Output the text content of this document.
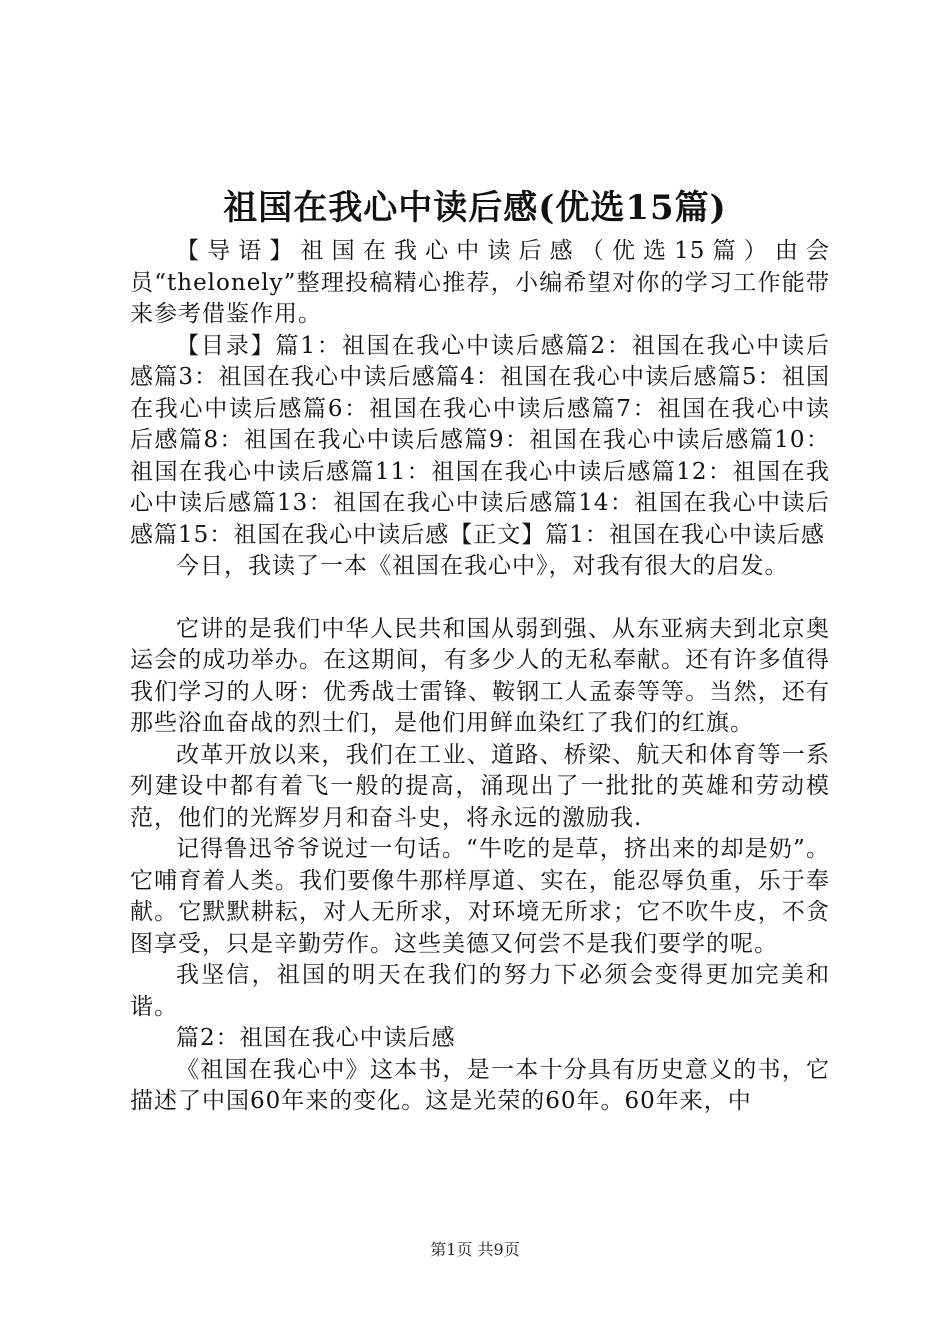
祖国在我心中读后感(优选15篇)

【导语】祖国在我心中读后感（优选15篇）由会员“thelonely”整理投稿精心推荐，小编希望对你的学习工作能带来参考借鉴作用。

【目录】篇1：祖国在我心中读后感篇2：祖国在我心中读后感篇3：祖国在我心中读后感篇4：祖国在我心中读后感篇5：祖国在我心中读后感篇6：祖国在我心中读后感篇7：祖国在我心中读后感篇8：祖国在我心中读后感篇9：祖国在我心中读后感篇10：祖国在我心中读后感篇11：祖国在我心中读后感篇12：祖国在我心中读后感篇13：祖国在我心中读后感篇14：祖国在我心中读后感篇15：祖国在我心中读后感【正文】篇1：祖国在我心中读后感

今日，我读了一本《祖国在我心中》，对我有很大的启发。

它讲的是我们中华人民共和国从弱到强、从东亚病夫到北京奥运会的成功举办。在这期间，有多少人的无私奉献。还有许多值得我们学习的人呀：优秀战士雷锋、鞍钢工人孟泰等等。当然，还有那些浴血奋战的烈士们，是他们用鲜血染红了我们的红旗。

改革开放以来，我们在工业、道路、桥梁、航天和体育等一系列建设中都有着飞一般的提高，涌现出了一批批的英雄和劳动模范，他们的光辉岁月和奋斗史，将永远的激励我.

记得鲁迅爷爷说过一句话。“牛吃的是草，挤出来的却是奶”。它哺育着人类。我们要像牛那样厚道、实在，能忍辱负重，乐于奉献。它默默耕耘，对人无所求，对环境无所求；它不吹牛皮，不贪图享受，只是辛勤劳作。这些美德又何尝不是我们要学的呢。

我坚信，祖国的明天在我们的努力下必须会变得更加完美和谐。

篇2：祖国在我心中读后感

《祖国在我心中》这本书，是一本十分具有历史意义的书，它描述了中国60年来的变化。这是光荣的60年。60年来，中

第1页 共9页
